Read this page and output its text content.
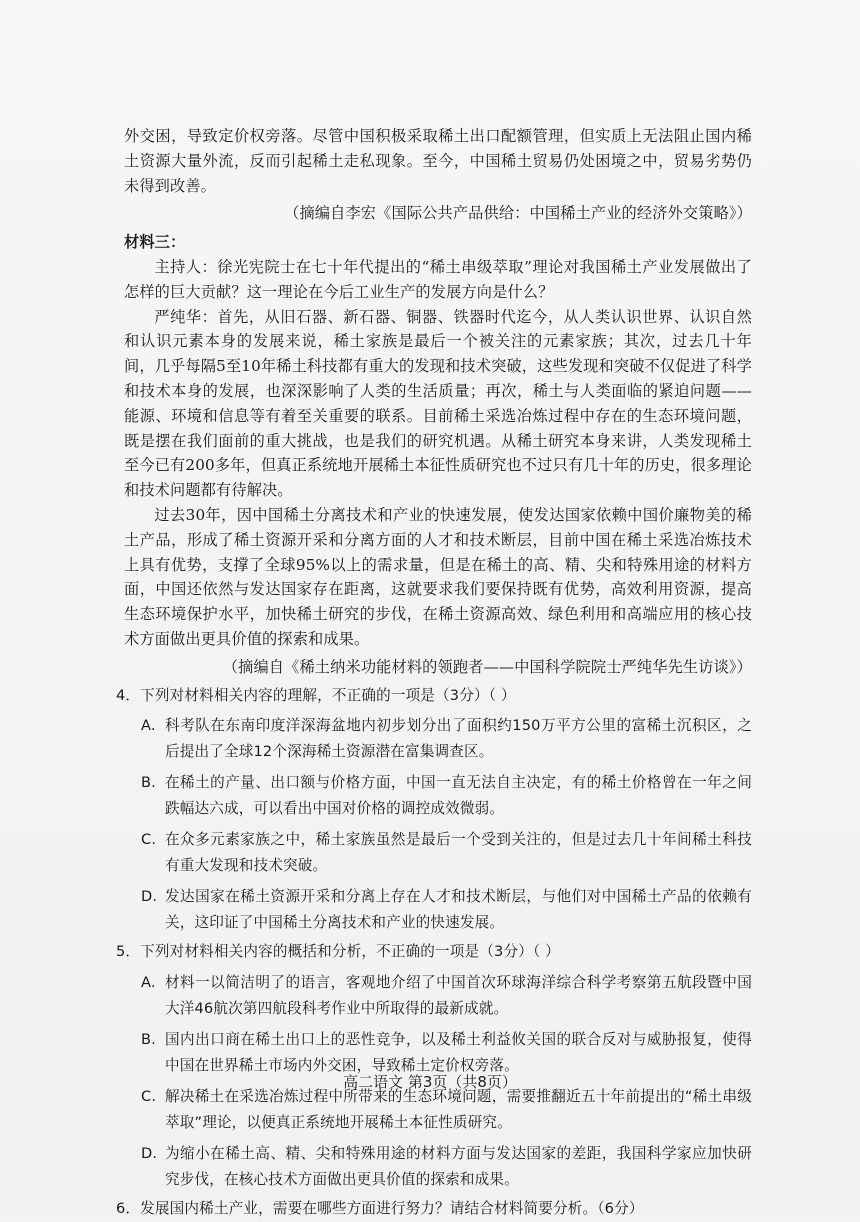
外交困，导致定价权旁落。尽管中国积极采取稀土出口配额管理，但实质上无法阻止国内稀土资源大量外流，反而引起稀土走私现象。至今，中国稀土贸易仍处困境之中，贸易劣势仍未得到改善。

（摘编自李宏《国际公共产品供给：中国稀土产业的经济外交策略》）

材料三：

主持人：徐光宪院士在七十年代提出的“稀土串级萃取”理论对我国稀土产业发展做出了怎样的巨大贡献？这一理论在今后工业生产的发展方向是什么？

严纯华：首先，从旧石器、新石器、铜器、铁器时代迄今，从人类认识世界、认识自然和认识元素本身的发展来说，稀土家族是最后一个被关注的元素家族；其次，过去几十年间，几乎每隔5至10年稀土科技都有重大的发现和技术突破，这些发现和突破不仅促进了科学和技术本身的发展，也深深影响了人类的生活质量；再次，稀土与人类面临的紧迫问题——能源、环境和信息等有着至关重要的联系。目前稀土采选冶炼过程中存在的生态环境问题，既是摆在我们面前的重大挑战，也是我们的研究机遇。从稀土研究本身来讲，人类发现稀土至今已有200多年，但真正系统地开展稀土本征性质研究也不过只有几十年的历史，很多理论和技术问题都有待解决。

过去30年，因中国稀土分离技术和产业的快速发展，使发达国家依赖中国价廉物美的稀土产品，形成了稀土资源开采和分离方面的人才和技术断层，目前中国在稀土采选冶炼技术上具有优势，支撑了全球95%以上的需求量，但是在稀土的高、精、尖和特殊用途的材料方面，中国还依然与发达国家存在距离，这就要求我们要保持既有优势，高效利用资源，提高生态环境保护水平，加快稀土研究的步伐，在稀土资源高效、绿色利用和高端应用的核心技术方面做出更具价值的探索和成果。

（摘编自《稀土纳米功能材料的领跑者——中国科学院院士严纯华先生访谈》）

4．下列对材料相关内容的理解，不正确的一项是（3分）（ ）

A. 科考队在东南印度洋深海盆地内初步划分出了面积约150万平方公里的富稀土沉积区，之后提出了全球12个深海稀土资源潜在富集调查区。
B. 在稀土的产量、出口额与价格方面，中国一直无法自主决定，有的稀土价格曾在一年之间跌幅达六成，可以看出中国对价格的调控成效微弱。
C. 在众多元素家族之中，稀土家族虽然是最后一个受到关注的，但是过去几十年间稀土科技有重大发现和技术突破。
D. 发达国家在稀土资源开采和分离上存在人才和技术断层，与他们对中国稀土产品的依赖有关，这印证了中国稀土分离技术和产业的快速发展。

5．下列对材料相关内容的概括和分析，不正确的一项是（3分）（ ）

A. 材料一以简洁明了的语言，客观地介绍了中国首次环球海洋综合科学考察第五航段暨中国大洋46航次第四航段科考作业中所取得的最新成就。
B. 国内出口商在稀土出口上的恶性竞争，以及稀土利益攸关国的联合反对与威胁报复，使得中国在世界稀土市场内外交困，导致稀土定价权旁落。
C. 解决稀土在采选冶炼过程中所带来的生态环境问题，需要推翻近五十年前提出的“稀土串级萃取”理论，以便真正系统地开展稀土本征性质研究。
D. 为缩小在稀土高、精、尖和特殊用途的材料方面与发达国家的差距，我国科学家应加快研究步伐，在核心技术方面做出更具价值的探索和成果。

6．发展国内稀土产业，需要在哪些方面进行努力？请结合材料简要分析。（6分）

高二语文 第3页（共8页）
